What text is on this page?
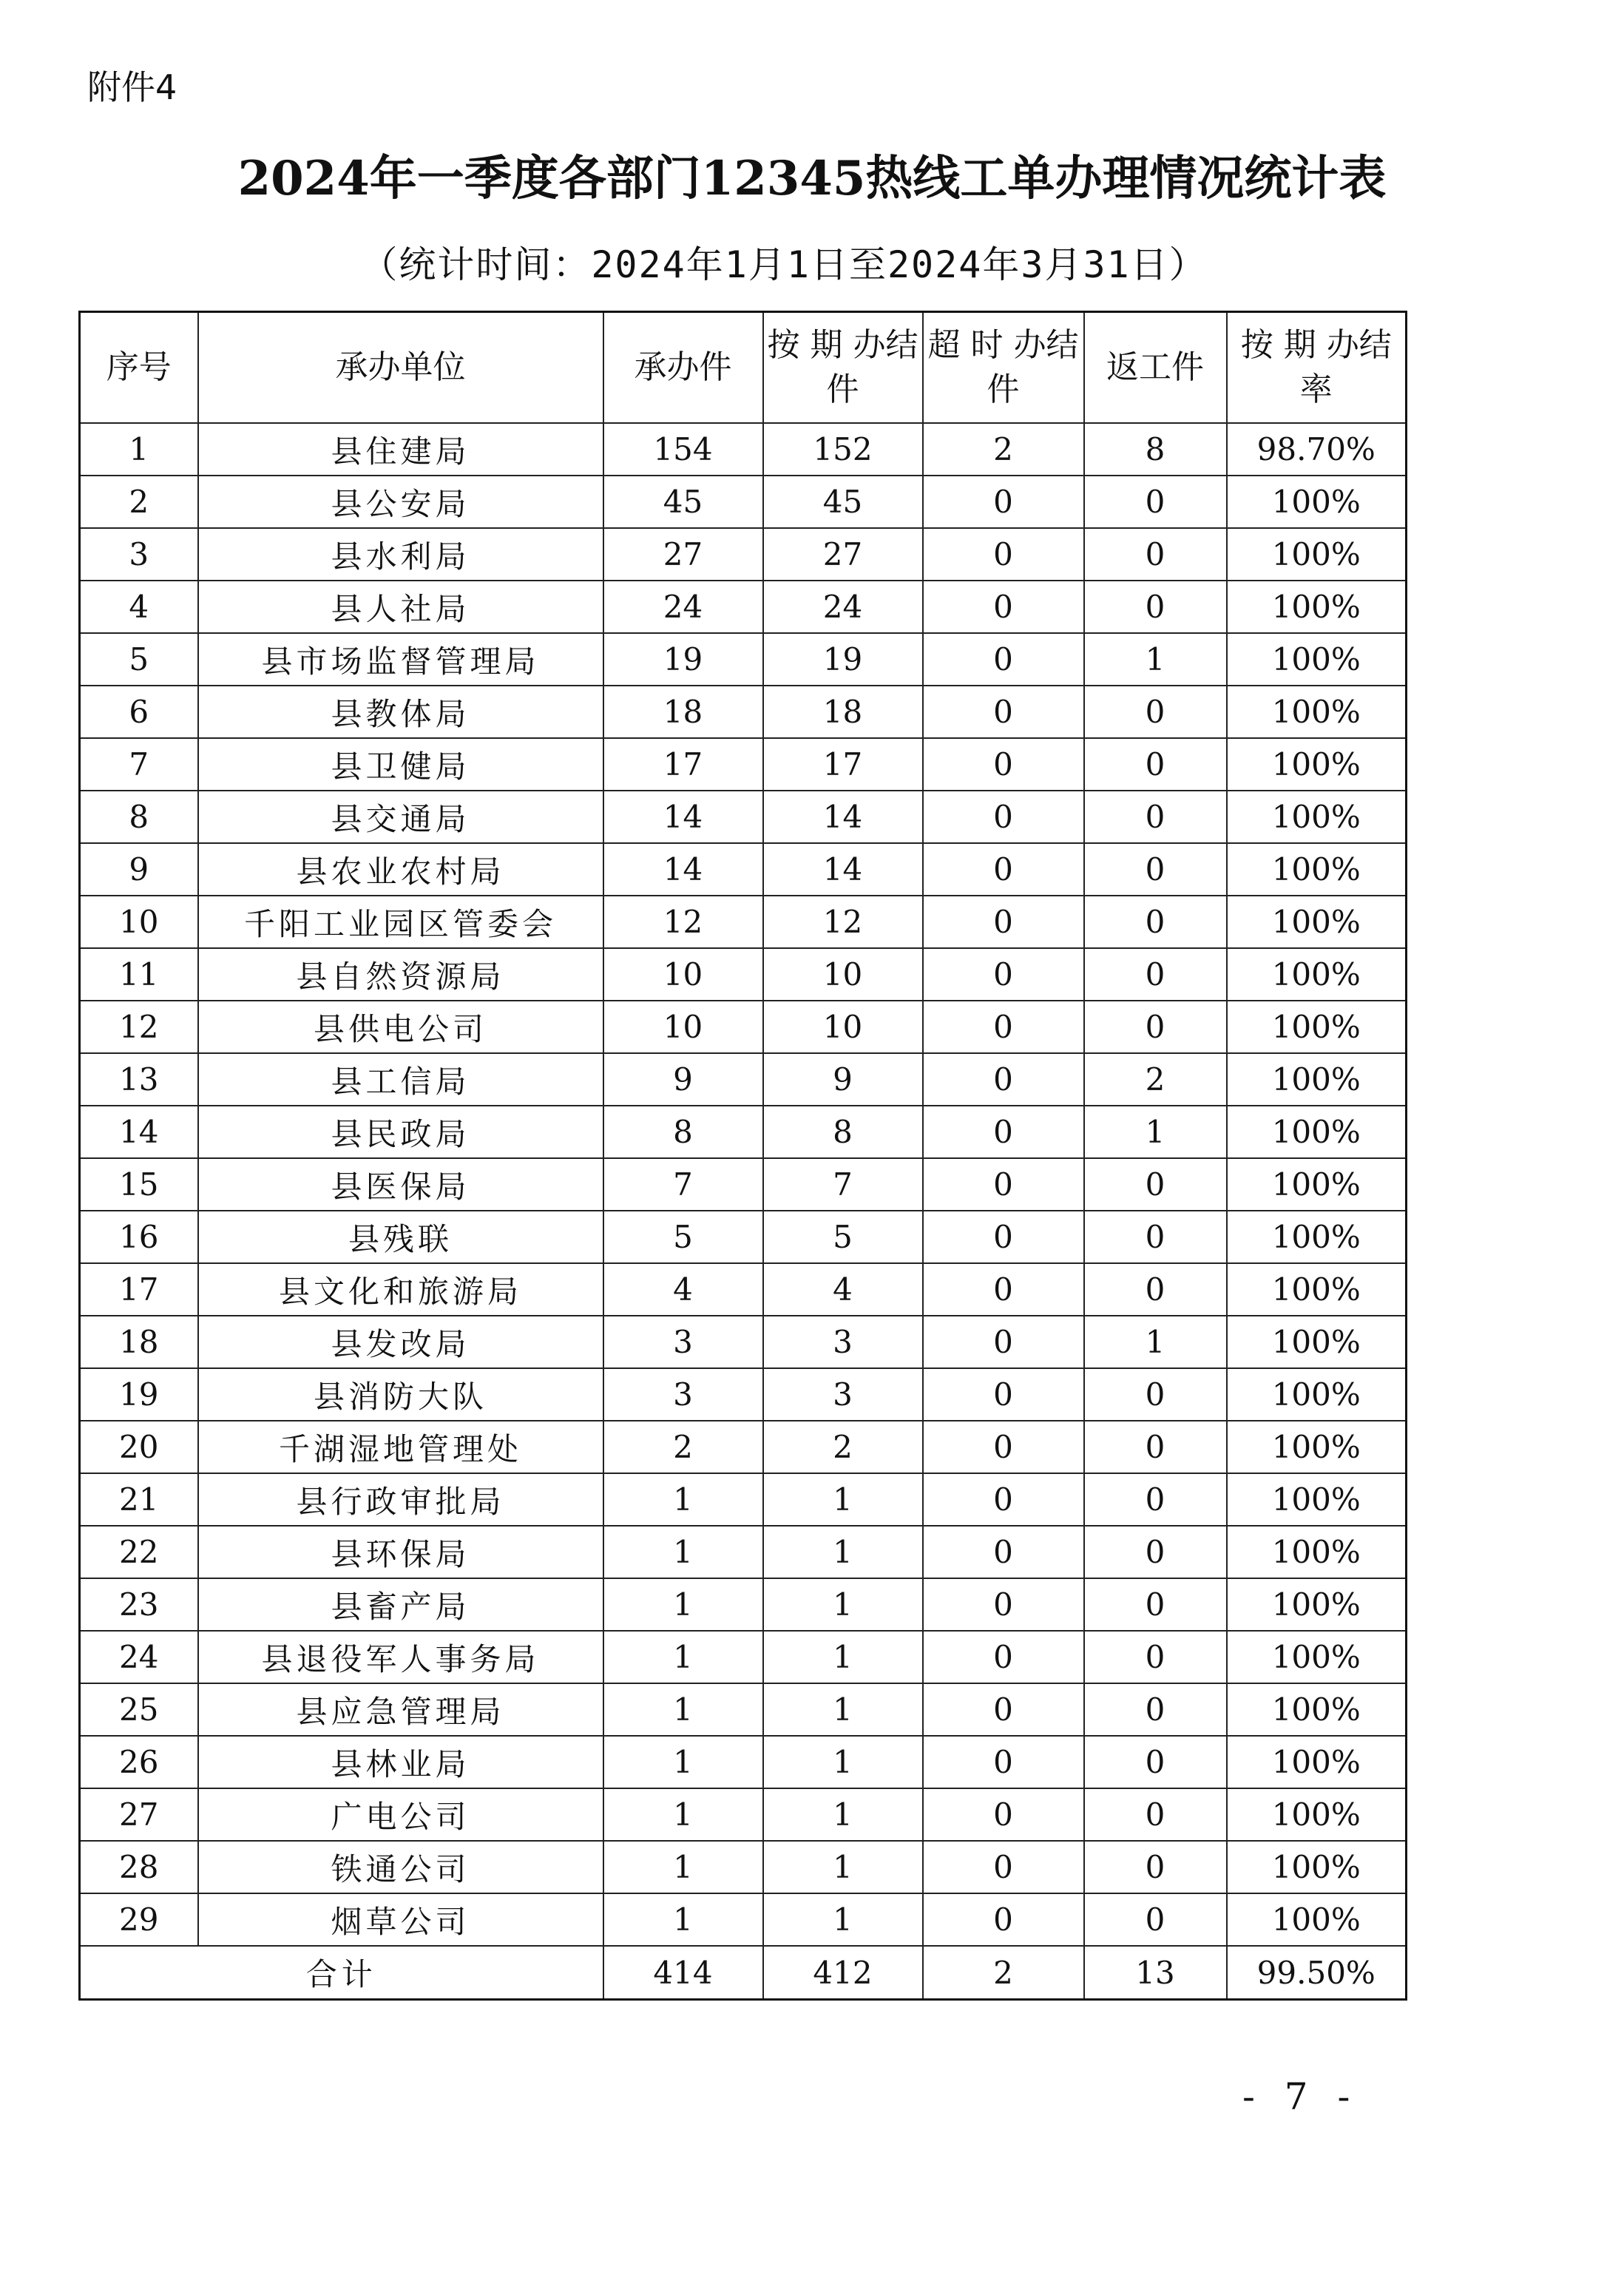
附件4
2024年一季度各部门12345热线工单办理情况统计表
（统计时间：2024年1月1日至2024年3月31日）
序号	承办单位	承办件	按 期 办结件	超 时 办结件	返工件	按 期 办结率
1	县住建局	154	152	2	8	98.70%
2	县公安局	45	45	0	0	100%
3	县水利局	27	27	0	0	100%
4	县人社局	24	24	0	0	100%
5	县市场监督管理局	19	19	0	1	100%
6	县教体局	18	18	0	0	100%
7	县卫健局	17	17	0	0	100%
8	县交通局	14	14	0	0	100%
9	县农业农村局	14	14	0	0	100%
10	千阳工业园区管委会	12	12	0	0	100%
11	县自然资源局	10	10	0	0	100%
12	县供电公司	10	10	0	0	100%
13	县工信局	9	9	0	2	100%
14	县民政局	8	8	0	1	100%
15	县医保局	7	7	0	0	100%
16	县残联	5	5	0	0	100%
17	县文化和旅游局	4	4	0	0	100%
18	县发改局	3	3	0	1	100%
19	县消防大队	3	3	0	0	100%
20	千湖湿地管理处	2	2	0	0	100%
21	县行政审批局	1	1	0	0	100%
22	县环保局	1	1	0	0	100%
23	县畜产局	1	1	0	0	100%
24	县退役军人事务局	1	1	0	0	100%
25	县应急管理局	1	1	0	0	100%
26	县林业局	1	1	0	0	100%
27	广电公司	1	1	0	0	100%
28	铁通公司	1	1	0	0	100%
29	烟草公司	1	1	0	0	100%
合计		414	412	2	13	99.50%
- 7 -
